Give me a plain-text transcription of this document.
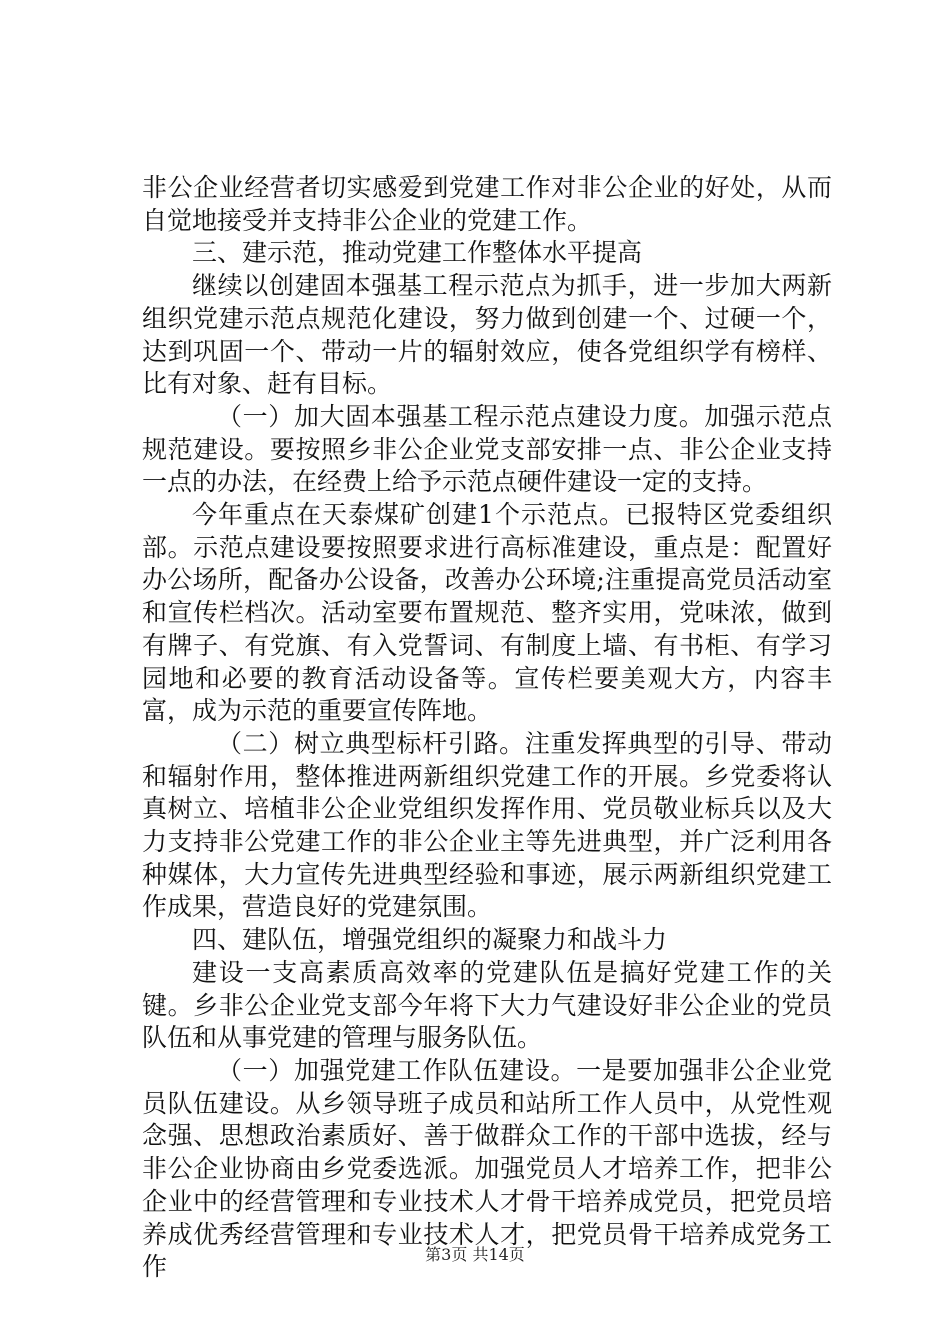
非公企业经营者切实感爱到党建工作对非公企业的好处，从而自觉地接受并支持非公企业的党建工作。

三、建示范，推动党建工作整体水平提高

继续以创建固本强基工程示范点为抓手，进一步加大两新组织党建示范点规范化建设，努力做到创建一个、过硬一个，达到巩固一个、带动一片的辐射效应，使各党组织学有榜样、比有对象、赶有目标。

（一）加大固本强基工程示范点建设力度。加强示范点规范建设。要按照乡非公企业党支部安排一点、非公企业支持一点的办法，在经费上给予示范点硬件建设一定的支持。

今年重点在天泰煤矿创建1个示范点。已报特区党委组织部。示范点建设要按照要求进行高标准建设，重点是：配置好办公场所，配备办公设备，改善办公环境;注重提高党员活动室和宣传栏档次。活动室要布置规范、整齐实用，党味浓，做到有牌子、有党旗、有入党誓词、有制度上墙、有书柜、有学习园地和必要的教育活动设备等。宣传栏要美观大方，内容丰富，成为示范的重要宣传阵地。

（二）树立典型标杆引路。注重发挥典型的引导、带动和辐射作用，整体推进两新组织党建工作的开展。乡党委将认真树立、培植非公企业党组织发挥作用、党员敬业标兵以及大力支持非公党建工作的非公企业主等先进典型，并广泛利用各种媒体，大力宣传先进典型经验和事迹，展示两新组织党建工作成果，营造良好的党建氛围。

四、建队伍，增强党组织的凝聚力和战斗力

建设一支高素质高效率的党建队伍是搞好党建工作的关键。乡非公企业党支部今年将下大力气建设好非公企业的党员队伍和从事党建的管理与服务队伍。

（一）加强党建工作队伍建设。一是要加强非公企业党员队伍建设。从乡领导班子成员和站所工作人员中，从党性观念强、思想政治素质好、善于做群众工作的干部中选拔，经与非公企业协商由乡党委选派。加强党员人才培养工作，把非公企业中的经营管理和专业技术人才骨干培养成党员，把党员培养成优秀经营管理和专业技术人才，把党员骨干培养成党务工作	第3页 共14页
